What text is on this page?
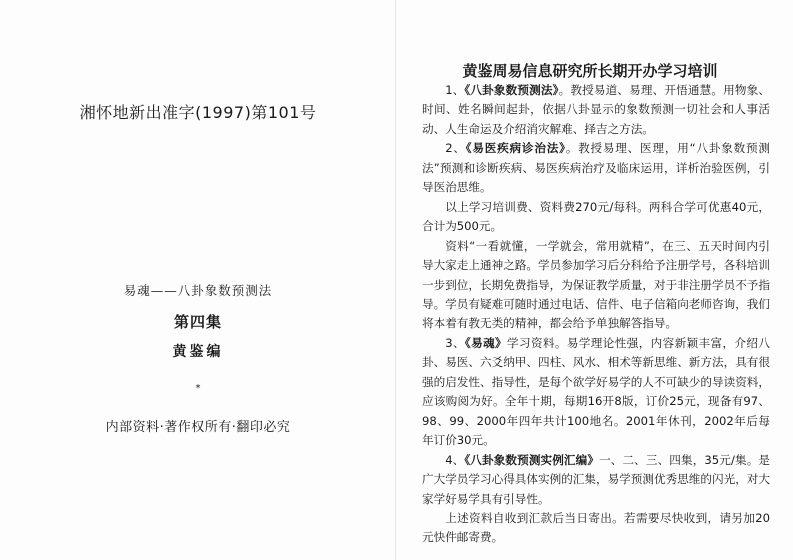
湘怀地新出准字(1997)第101号
易魂——八卦象数预测法
第四集
黄鉴编
*
内部资料·著作权所有·翻印必究
黄鉴周易信息研究所长期开办学习培训

1、《八卦象数预测法》。教授易道、易理、开悟通慧。用物象、时间、姓名瞬间起卦，依据八卦显示的象数预测一切社会和人事活动、人生命运及介绍消灾解难、择吉之方法。

2、《易医疾病诊治法》。教授易理、医理，用“八卦象数预测法”预测和诊断疾病、易医疾病治疗及临床运用，详析治验医例，引导医治思维。

以上学习培训费、资料费270元/每科。两科合学可优惠40元，合计为500元。

资料“一看就懂，一学就会，常用就精”，在三、五天时间内引导大家走上通神之路。学员参加学习后分科给予注册学号，各科培训一步到位，长期免费指导，为保证教学质量，对于非注册学员不予指导。学员有疑难可随时通过电话、信件、电子信箱向老师咨询，我们将本着有教无类的精神，都会给予单独解答指导。

3、《易魂》学习资料。易学理论性强，内容新颖丰富，介绍八卦、易医、六爻纳甲、四柱、风水、相术等新思维、新方法，具有很强的启发性、指导性，是每个欲学好易学的人不可缺少的导读资料，应该购阅为好。全年十期，每期16开8版，订价25元，现备有97、98、99、2000年四年共计100地名。2001年休刊，2002年后每年订价30元。

4、《八卦象数预测实例汇编》一、二、三、四集，35元/集。是广大学员学习心得具体实例的汇集，易学预测优秀思维的闪光，对大家学好易学具有引导性。

上述资料自收到汇款后当日寄出。若需要尽快收到，请另加20元快件邮寄费。
